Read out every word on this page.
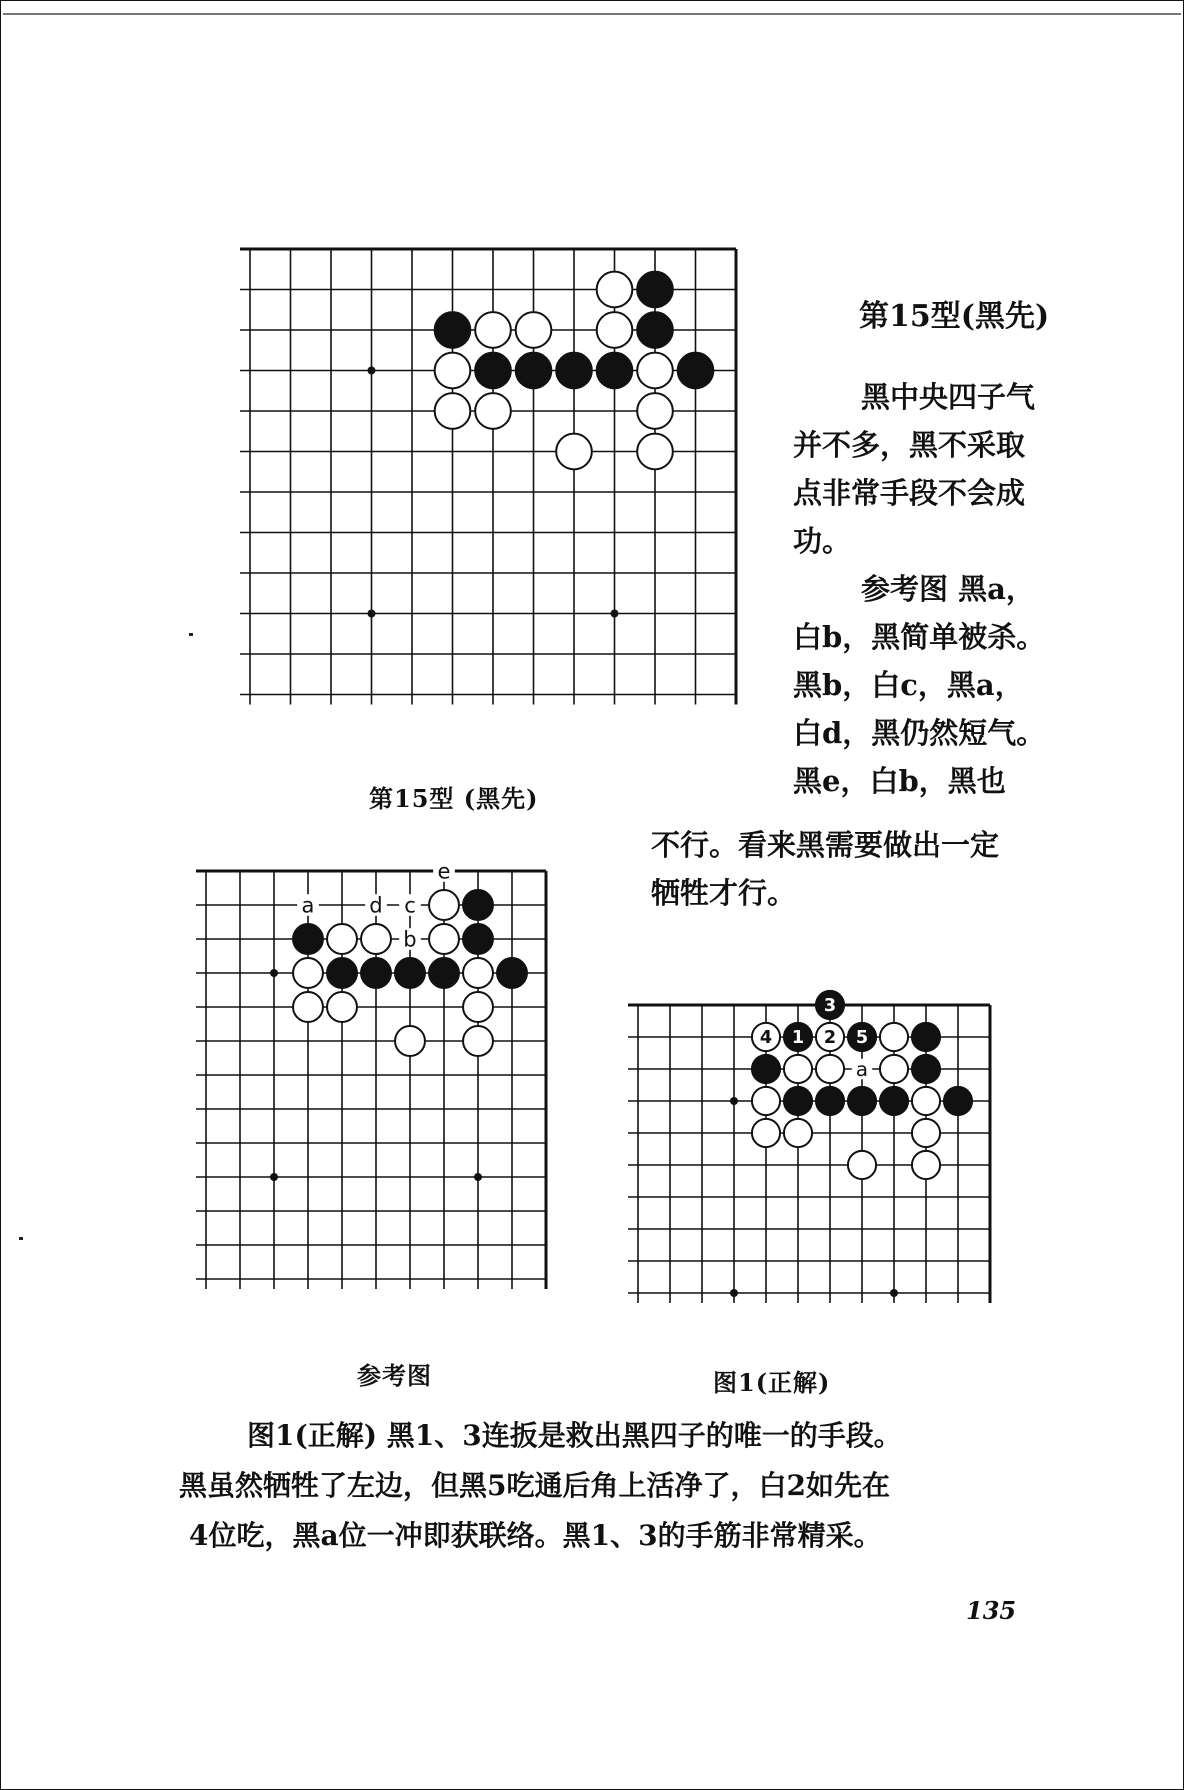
第15型 (黑先)
第15型(黑先)

黑中央四子气

并不多，黑不采取

点非常手段不会成

功。

参考图 黑a，

白b，黑简单被杀。

黑b，白c，黑a，

白d，黑仍然短气。

黑e，白b，黑也

不行。看来黑需要做出一定

牺牲才行。

e
a	d c
b
参考图
a
3
4 1 2 5
图1(正解)

图1(正解) 黑1、3连扳是救出黑四子的唯一的手段。

黑虽然牺牲了左边，但黑5吃通后角上活净了，白2如先在

4位吃，黑a位一冲即获联络。黑1、3的手筋非常精采。

135
